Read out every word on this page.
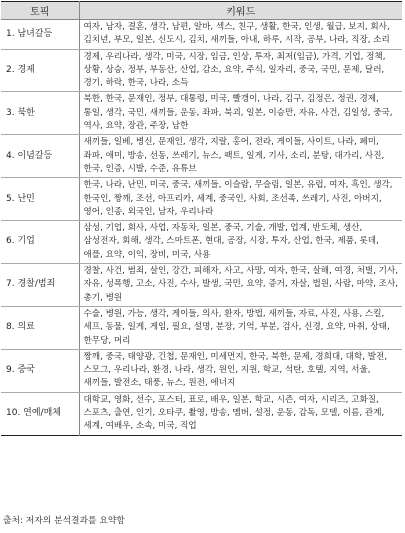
토픽	키워드
1. 남녀갈등	여자, 남자, 결혼, 생각, 남편, 알바, 섹스, 친구, 생활, 한국, 인생, 월급, 보지, 회사, 김치년, 부모, 일본, 신도시, 김치, 새끼들, 아내, 하루, 시작, 공부, 나라, 직장, 소리
2. 경제	경제, 우리나라, 생각, 미국, 시장, 임금, 인상, 투자, 최저(임금), 가격, 기업, 정책, 상황, 상승, 정부, 부동산, 산업, 감소, 요약, 주식, 일자리, 중국, 국민, 문제, 달러, 경기, 하락, 한국, 나라, 소득
3. 북한	북한, 한국, 문재인, 정부, 대통령, 미국, 빨갱이, 나라, 김구, 김정은, 정권, 경제, 통일, 생각, 국민, 새끼들, 운동, 좌파, 북괴, 일본, 이승만, 자유, 사건, 김일성, 중국, 역사, 요약, 장관, 주장, 남한
4. 이념갈등	새끼들, 일베, 병신, 문재인, 생각, 지랄, 홍어, 전라, 게이들, 사이트, 나라, 페미, 좌파, 애미, 방송, 선동, 쓰레기, 뉴스, 팩트, 일게, 기사, 소리, 분탕, 대가리, 사진, 한국, 인증, 시발, 수준, 유튜브
5. 난민	한국, 나라, 난민, 미국, 중국, 새끼들, 이슬람, 무슬림, 일본, 유럽, 여자, 흑인, 생각, 한국인, 짱깨, 조선, 아프리카, 세계, 중국인, 사회, 조선족, 쓰레기, 사진, 아버지, 영어, 인종, 외국인, 남자, 우리나라
6. 기업	삼성, 기업, 회사, 사업, 자동차, 일본, 중국, 기술, 개발, 업계, 반도체, 생산, 삼성전자, 회해, 생각, 스마트폰, 현대, 공장, 시장, 투자, 산업, 한국, 제품, 롯데, 애플, 요약, 이익, 장비, 미국, 사용
7. 경찰/범죄	경찰, 사건, 범죄, 살인, 강간, 피해자, 사고, 사망, 여자, 한국, 살해, 여경, 처벌, 기사, 자유, 성폭행, 고소, 사진, 수사, 발생, 국민, 요약, 증거, 자살, 법원, 사람, 마약, 조사, 총기, 병원
8. 의료	수술, 병원, 가능, 생각, 게이들, 의사, 환자, 방법, 새끼들, 자료, 사진, 사용, 스킬, 세프, 동물, 일게, 게임, 필요, 설명, 분장, 기억, 부분, 검사, 신경, 요약, 마취, 상태, 한무당, 머리
9. 중국	짱깨, 중국, 태양광, 긴첩, 문재인, 미세먼지, 한국, 북한, 문제, 경희대, 대학, 발전, 스모그, 우리나라, 환경, 나라, 생각, 원인, 지원, 학교, 석탄, 호텔, 지역, 서울, 새끼들, 발전소, 태풍, 뉴스, 원전, 에너지
10. 연예/매체	대학교, 영화, 선수, 포스터, 표로, 배우, 일본, 학교, 시즌, 여자, 시리즈, 고화질, 스포츠, 출연, 인기, 오타쿠, 촬영, 방송, 멤버, 설정, 운동, 감독, 모델, 이름, 관계, 세계, 여배우, 소속, 미국, 직업
출처: 저자의 분석결과를 요약함
